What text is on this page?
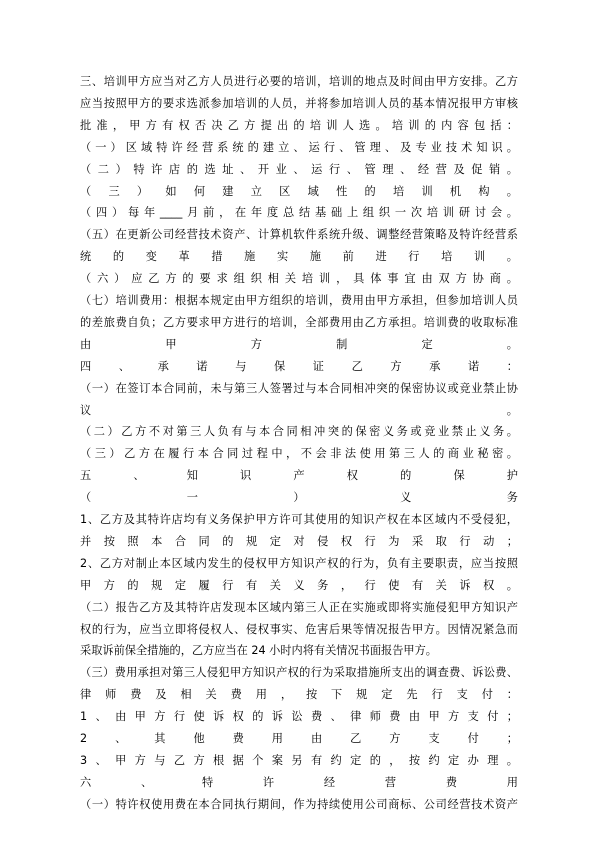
三、培训甲方应当对乙方人员进行必要的培训，培训的地点及时间由甲方安排。乙方
应当按照甲方的要求选派参加培训的人员，并将参加培训人员的基本情况报甲方审核
批准，甲方有权否决乙方提出的培训人选。培训的内容包括：
（一）区域特许经营系统的建立、运行、管理、及专业技术知识。
（二）特许店的选址、开业、运行、管理、经营及促销。
（三）如何建立区域性的培训机构。
（四）每年____月前，在年度总结基础上组织一次培训研讨会。
（五）在更新公司经营技术资产、计算机软件系统升级、调整经营策略及特许经营系
统的变革措施实施前进行培训。
（六）应乙方的要求组织相关培训，具体事宜由双方协商。
（七）培训费用：根据本规定由甲方组织的培训，费用由甲方承担，但参加培训人员
的差旅费自负；乙方要求甲方进行的培训，全部费用由乙方承担。培训费的收取标准
由甲方制定。
四、承诺与保证乙方承诺：
（一）在签订本合同前，未与第三人签署过与本合同相冲突的保密协议或竞业禁止协
议。
（二）乙方不对第三人负有与本合同相冲突的保密义务或竞业禁止义务。
（三）乙方在履行本合同过程中，不会非法使用第三人的商业秘密。
五、知识产权的保护
（一）义务
1、乙方及其特许店均有义务保护甲方许可其使用的知识产权在本区域内不受侵犯，
并按照本合同的规定对侵权行为采取行动；
2、乙方对制止本区域内发生的侵权甲方知识产权的行为，负有主要职责，应当按照
甲方的规定履行有关义务，行使有关诉权。
（二）报告乙方及其特许店发现本区域内第三人正在实施或即将实施侵犯甲方知识产
权的行为，应当立即将侵权人、侵权事实、危害后果等情况报告甲方。因情况紧急而
采取诉前保全措施的，乙方应当在 24 小时内将有关情况书面报告甲方。
（三）费用承担对第三人侵犯甲方知识产权的行为采取措施所支出的调查费、诉讼费、
律师费及相关费用，按下规定先行支付：
1、由甲方行使诉权的诉讼费、律师费由甲方支付；
2、其他费用由乙方支付；
3、甲方与乙方根据个案另有约定的，按约定办理。
六、特许经营费用
（一）特许权使用费在本合同执行期间，作为持续使用公司商标、公司经营技术资产
